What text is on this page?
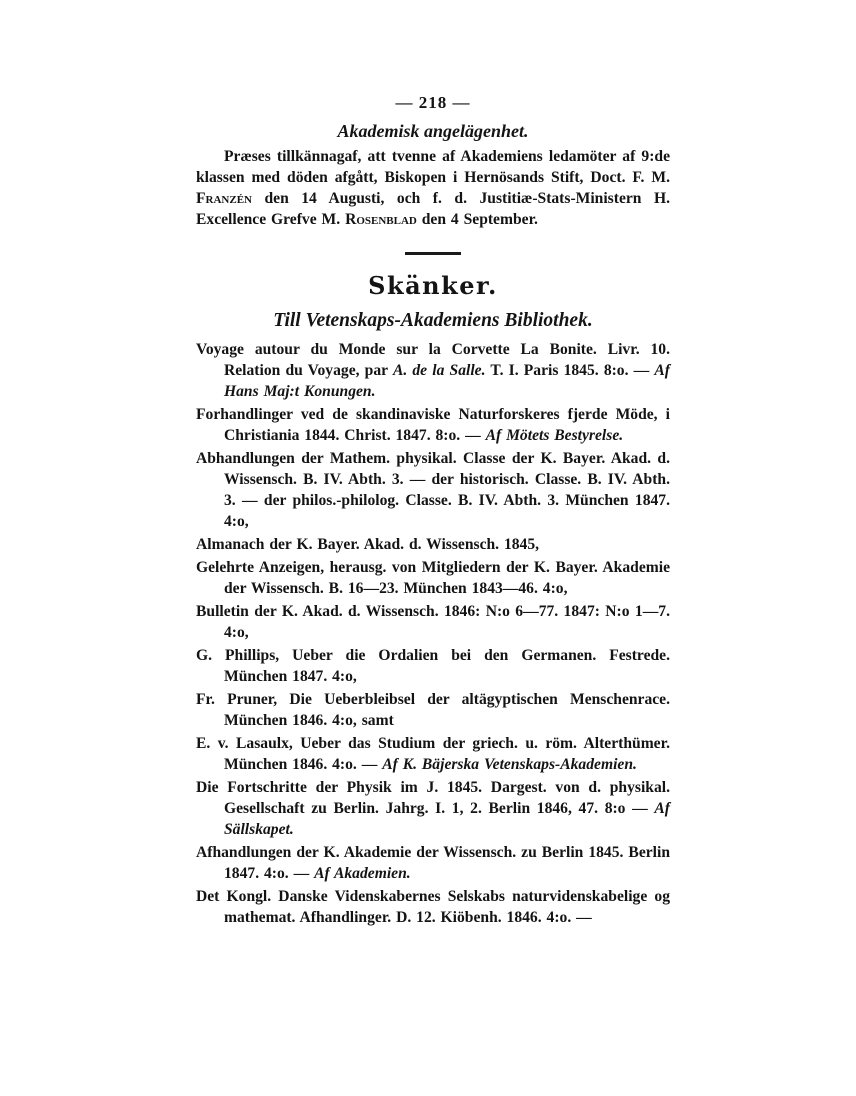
— 218 —
Akademisk angelägenhet.

Præses tillkännagaf, att tvenne af Akademiens ledamöter af 9:de klassen med döden afgått, Biskopen i Hernösands Stift, Doct. F. M. Franzén den 14 Augusti, och f. d. Justitiæ-Stats-Ministern H. Excellence Grefve M. Rosenblad den 4 September.

Skänker.
Till Vetenskaps-Akademiens Bibliothek.
Voyage autour du Monde sur la Corvette La Bonite. Livr. 10. Relation du Voyage, par A. de la Salle. T. I. Paris 1845. 8:o. — Af Hans Maj:t Konungen.
Forhandlinger ved de skandinaviske Naturforskeres fjerde Möde, i Christiania 1844. Christ. 1847. 8:o. — Af Mötets Bestyrelse.
Abhandlungen der Mathem. physikal. Classe der K. Bayer. Akad. d. Wissensch. B. IV. Abth. 3. — der historisch. Classe. B. IV. Abth. 3. — der philos.-philolog. Classe. B. IV. Abth. 3. München 1847. 4:o,
Almanach der K. Bayer. Akad. d. Wissensch. 1845,
Gelehrte Anzeigen, herausg. von Mitgliedern der K. Bayer. Akademie der Wissensch. B. 16—23. München 1843—46. 4:o,
Bulletin der K. Akad. d. Wissensch. 1846: N:o 6—77. 1847: N:o 1—7. 4:o,
G. Phillips, Ueber die Ordalien bei den Germanen. Festrede. München 1847. 4:o,
Fr. Pruner, Die Ueberbleibsel der altägyptischen Menschenrace. München 1846. 4:o, samt
E. v. Lasaulx, Ueber das Studium der griech. u. röm. Alterthümer. München 1846. 4:o. — Af K. Bäjerska Vetenskaps-Akademien.
Die Fortschritte der Physik im J. 1845. Dargest. von d. physikal. Gesellschaft zu Berlin. Jahrg. I. 1, 2. Berlin 1846, 47. 8:o — Af Sällskapet.
Afhandlungen der K. Akademie der Wissensch. zu Berlin 1845. Berlin 1847. 4:o. — Af Akademien.
Det Kongl. Danske Videnskabernes Selskabs naturvidenskabelige og mathemat. Afhandlinger. D. 12. Kiöbenh. 1846. 4:o. —
